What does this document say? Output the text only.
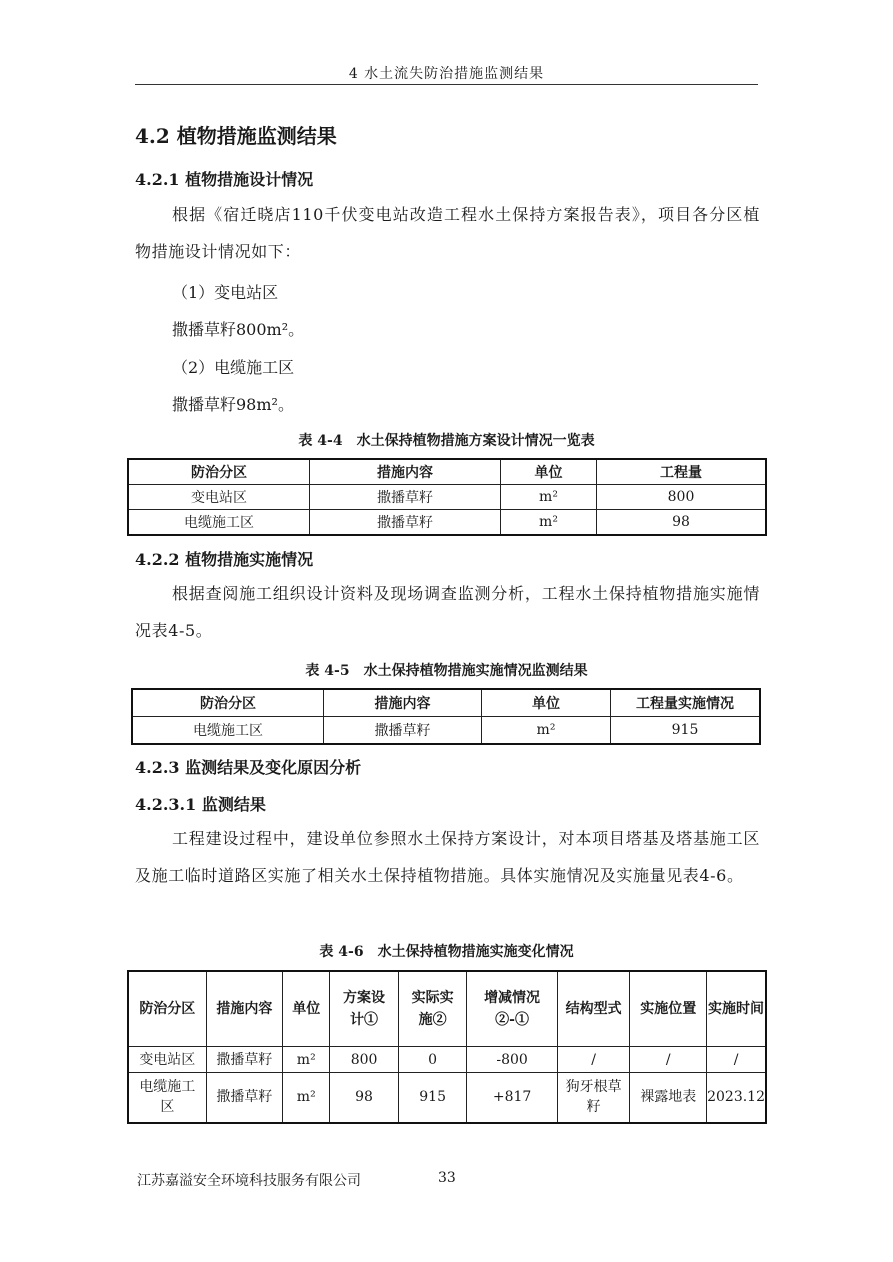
4 水土流失防治措施监测结果
4.2 植物措施监测结果
4.2.1 植物措施设计情况

根据《宿迁晓店110千伏变电站改造工程水土保持方案报告表》，项目各分区植物措施设计情况如下：

（1）变电站区
撒播草籽800m²。
（2）电缆施工区
撒播草籽98m²。
表 4-4　水土保持植物措施方案设计情况一览表
防治分区	措施内容	单位	工程量
变电站区	撒播草籽	m²	800
电缆施工区	撒播草籽	m²	98
4.2.2 植物措施实施情况

根据查阅施工组织设计资料及现场调查监测分析，工程水土保持植物措施实施情况表4-5。

表 4-5　水土保持植物措施实施情况监测结果
防治分区	措施内容	单位	工程量实施情况
电缆施工区	撒播草籽	m²	915
4.2.3 监测结果及变化原因分析
4.2.3.1 监测结果

工程建设过程中，建设单位参照水土保持方案设计，对本项目塔基及塔基施工区及施工临时道路区实施了相关水土保持植物措施。具体实施情况及实施量见表4-6。

表 4-6　水土保持植物措施实施变化情况
防治分区	措施内容	单位	方案设计①	实际实施②	增减情况②-①	结构型式	实施位置	实施时间
变电站区	撒播草籽	m²	800	0	-800	/	/	/
电缆施工区	撒播草籽	m²	98	915	+817	狗牙根草籽	裸露地表	2023.12
江苏嘉溢安全环境科技服务有限公司	33
